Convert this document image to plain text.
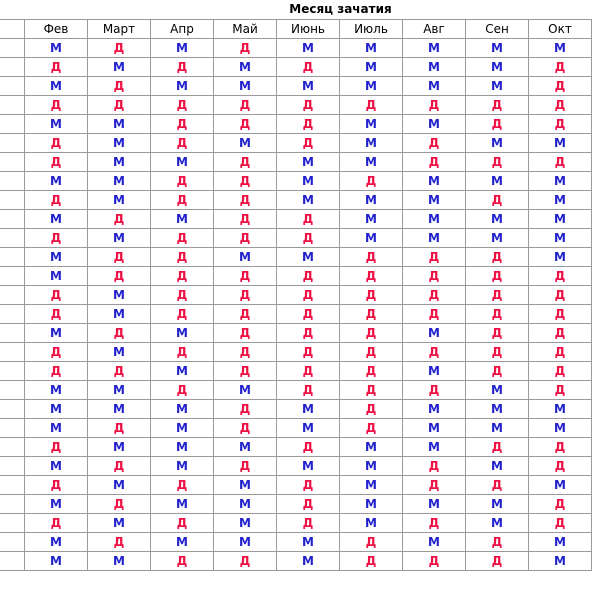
Месяц зачатия
	Фев	Март	Апр	Май	Июнь	Июль	Авг	Сен	Окт
	М	Д	М	Д	М	М	М	М	М
	Д	М	Д	М	Д	М	М	М	Д
	М	Д	М	М	М	М	М	М	Д
	Д	Д	Д	Д	Д	Д	Д	Д	Д
	М	М	Д	Д	Д	М	М	Д	Д
	Д	М	Д	М	Д	М	Д	М	М
	Д	М	М	Д	М	М	Д	Д	Д
	М	М	Д	Д	М	Д	М	М	М
	Д	М	Д	Д	М	М	М	Д	М
	М	Д	М	Д	Д	М	М	М	М
	Д	М	Д	Д	Д	М	М	М	М
	М	Д	Д	М	М	Д	Д	Д	М
	М	Д	Д	Д	Д	Д	Д	Д	Д
	Д	М	Д	Д	Д	Д	Д	Д	Д
	Д	М	Д	Д	Д	Д	Д	Д	Д
	М	Д	М	Д	Д	Д	М	Д	Д
	Д	М	Д	Д	Д	Д	Д	Д	Д
	Д	Д	М	Д	Д	Д	М	Д	Д
	М	М	Д	М	Д	Д	Д	М	Д
	М	М	М	Д	М	Д	М	М	М
	М	Д	М	Д	М	Д	М	М	М
	Д	М	М	М	Д	М	М	Д	Д
	М	Д	М	Д	М	М	Д	М	Д
	Д	М	Д	М	Д	М	Д	Д	М
	М	Д	М	М	Д	М	М	М	Д
	Д	М	Д	М	Д	М	Д	М	Д
	М	Д	М	М	М	Д	М	Д	М
	М	М	Д	Д	М	Д	Д	Д	М
